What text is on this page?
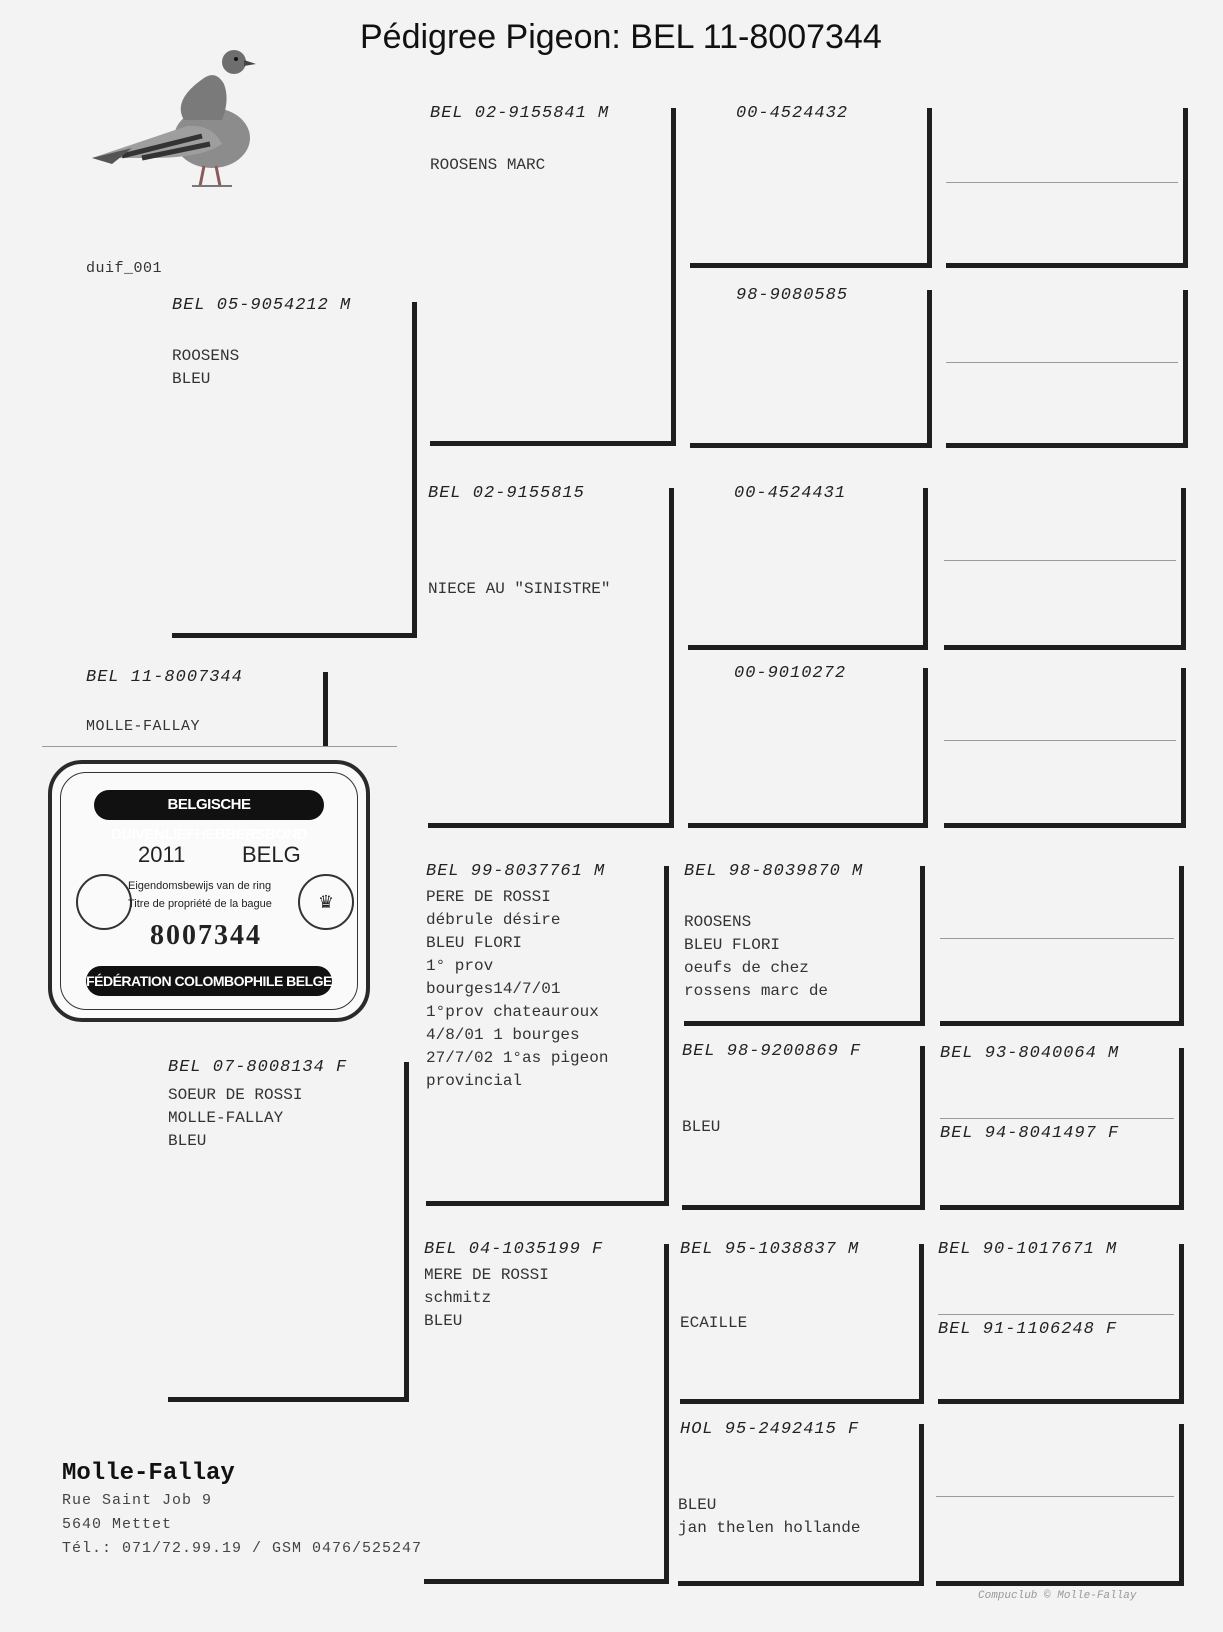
Pédigree Pigeon: BEL 11-8007344
duif_001
BEL 05-9054212 M
ROOSENS
BLEU
BEL 11-8007344
MOLLE-FALLAY
BELGISCHE DUIVENLIEFHEBBERSBOND
2011	BELG
♛
Eigendomsbewijs van de ring
Titre de propriété de la bague
8007344
FÉDÉRATION COLOMBOPHILE BELGE
BEL 07-8008134 F
SOEUR DE ROSSI
MOLLE-FALLAY
BLEU
BEL 02-9155841 M
ROOSENS MARC
BEL 02-9155815
NIECE AU "SINISTRE"
BEL 99-8037761 M
PERE DE ROSSI
débrule désire
BLEU FLORI
1° prov
bourges14/7/01
1°prov chateauroux
4/8/01 1 bourges
27/7/02 1°as pigeon
provincial
BEL 04-1035199 F
MERE DE ROSSI
schmitz
BLEU
00-4524432
98-9080585
00-4524431
00-9010272
BEL 98-8039870 M
ROOSENS
BLEU FLORI
oeufs de chez
rossens marc de
BEL 98-9200869 F
BLEU
BEL 95-1038837 M
ECAILLE
HOL 95-2492415 F
BLEU
jan thelen hollande
BEL 93-8040064 M
BEL 94-8041497 F
BEL 90-1017671 M
BEL 91-1106248 F
Molle-Fallay
Rue Saint Job 9
5640 Mettet
Tél.: 071/72.99.19 / GSM 0476/525247
Compuclub © Molle-Fallay
